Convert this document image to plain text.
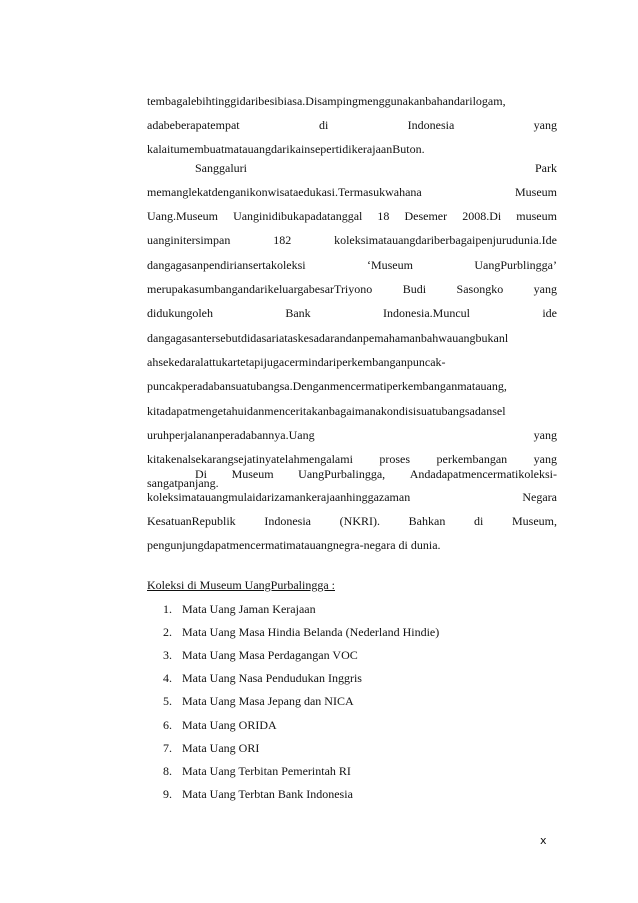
tembagalebihtinggidaribesibiasa.Disampingmenggunakanbahandarilogam,
adabeberapatempat	di	Indonesia	yang
kalaitumembuatmatauangdarikainsepertidikerajaanButon.
Sanggaluri	Park
memanglekatdenganikonwisataedukasi.Termasukwahana	Museum
Uang.Museum Uanginidibukapadatanggal 18 Desemer 2008.Di museum
uanginitersimpan	182	koleksimatauangdariberbagaipenjurudunia.Ide
dangagasanpendiriansertakoleksi	‘Museum	UangPurblingga’
merupakasumbangandarikeluargabesarTriyono	Budi	Sasongko	yang
didukungoleh	Bank	Indonesia.Muncul	ide
dangagasantersebutdidasariataskesadarandanpemahamanbahwauangbukanl
ahsekedaralattukartetapijugacermindariperkembanganpuncak-
puncakperadabansuatubangsa.Denganmencermatiperkembanganmatauang,
kitadapatmengetahuidanmenceritakanbagaimanakondisisuatubangsadansel
uruhperjalananperadabannya.Uang	yang
kitakenalsekarangsejatinyatelahmengalami proses perkembangan yang
sangatpanjang.
Di Museum UangPurbalingga, Andadapatmencermatikoleksi-
koleksimatauangmulaidarizamankerajaanhinggazaman	Negara
KesatuanRepublik Indonesia (NKRI). Bahkan di Museum,
pengunjungdapatmencermatimatauangnegra-negara di dunia.
Koleksi di Museum UangPurbalingga :
1. Mata Uang Jaman Kerajaan
2. Mata Uang Masa Hindia Belanda (Nederland Hindie)
3. Mata Uang Masa Perdagangan VOC
4. Mata Uang Nasa Pendudukan Inggris
5. Mata Uang Masa Jepang dan NICA
6. Mata Uang ORIDA
7. Mata Uang ORI
8. Mata Uang Terbitan Pemerintah RI
9. Mata Uang Terbtan Bank Indonesia
x
